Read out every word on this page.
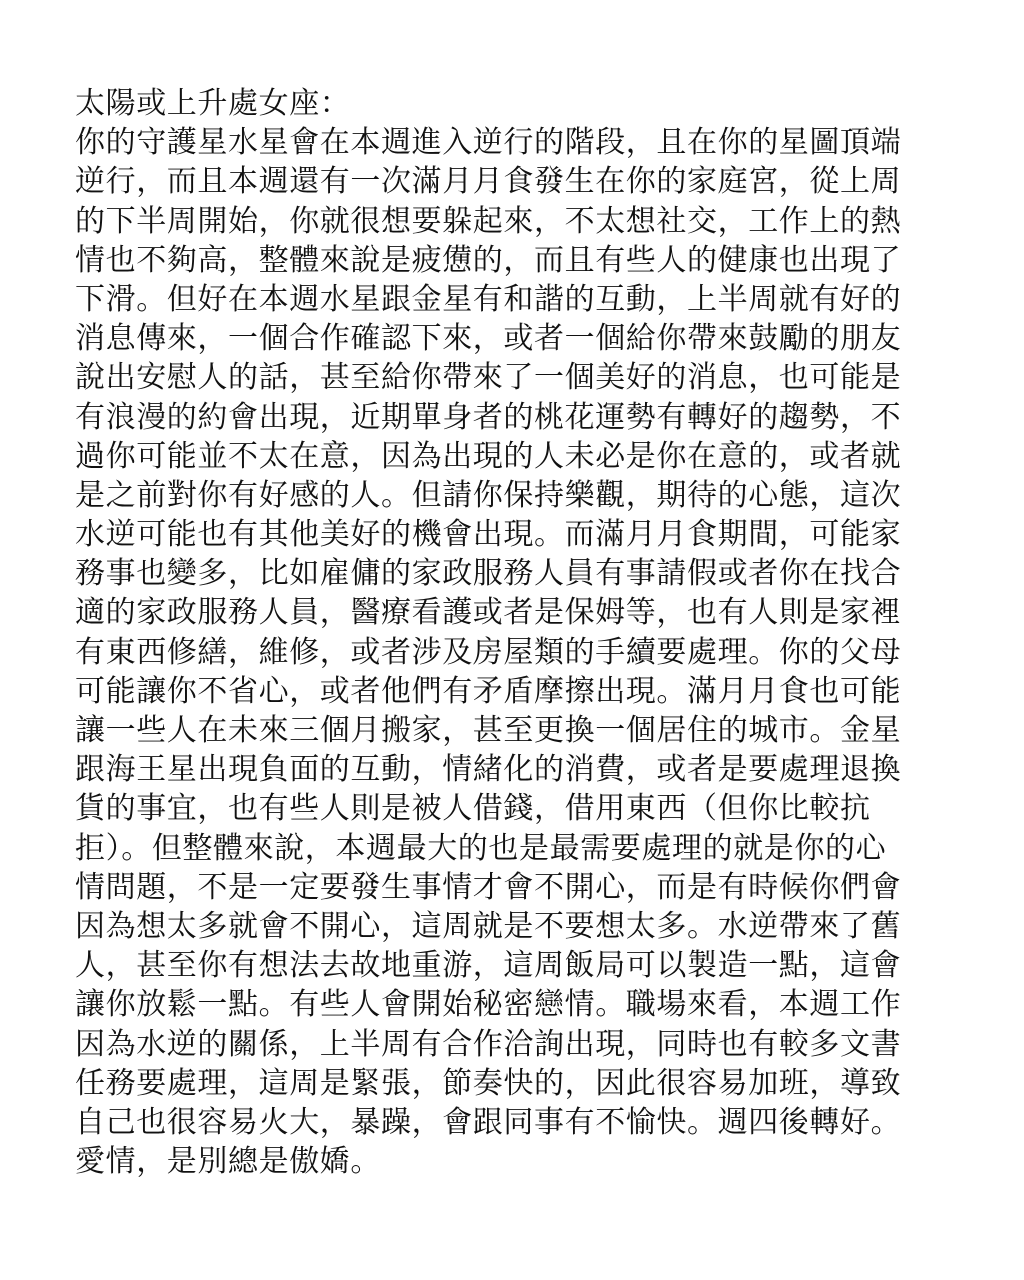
太陽或上升處女座：
你的守護星水星會在本週進入逆行的階段，且在你的星圖頂端
逆行，而且本週還有一次滿月月食發生在你的家庭宮，從上周
的下半周開始，你就很想要躲起來，不太想社交，工作上的熱
情也不夠高，整體來說是疲憊的，而且有些人的健康也出現了
下滑。但好在本週水星跟金星有和諧的互動，上半周就有好的
消息傳來，一個合作確認下來，或者一個給你帶來鼓勵的朋友
說出安慰人的話，甚至給你帶來了一個美好的消息，也可能是
有浪漫的約會出現，近期單身者的桃花運勢有轉好的趨勢，不
過你可能並不太在意，因為出現的人未必是你在意的，或者就
是之前對你有好感的人。但請你保持樂觀，期待的心態，這次
水逆可能也有其他美好的機會出現。而滿月月食期間，可能家
務事也變多，比如雇傭的家政服務人員有事請假或者你在找合
適的家政服務人員，醫療看護或者是保姆等，也有人則是家裡
有東西修繕，維修，或者涉及房屋類的手續要處理。你的父母
可能讓你不省心，或者他們有矛盾摩擦出現。滿月月食也可能
讓一些人在未來三個月搬家，甚至更換一個居住的城市。金星
跟海王星出現負面的互動，情緒化的消費，或者是要處理退換
貨的事宜，也有些人則是被人借錢，借用東西（但你比較抗
拒）。但整體來說，本週最大的也是最需要處理的就是你的心
情問題，不是一定要發生事情才會不開心，而是有時候你們會
因為想太多就會不開心，這周就是不要想太多。水逆帶來了舊
人，甚至你有想法去故地重游，這周飯局可以製造一點，這會
讓你放鬆一點。有些人會開始秘密戀情。職場來看，本週工作
因為水逆的關係，上半周有合作洽詢出現，同時也有較多文書
任務要處理，這周是緊張，節奏快的，因此很容易加班，導致
自己也很容易火大，暴躁，會跟同事有不愉快。週四後轉好。
愛情，是別總是傲嬌。
